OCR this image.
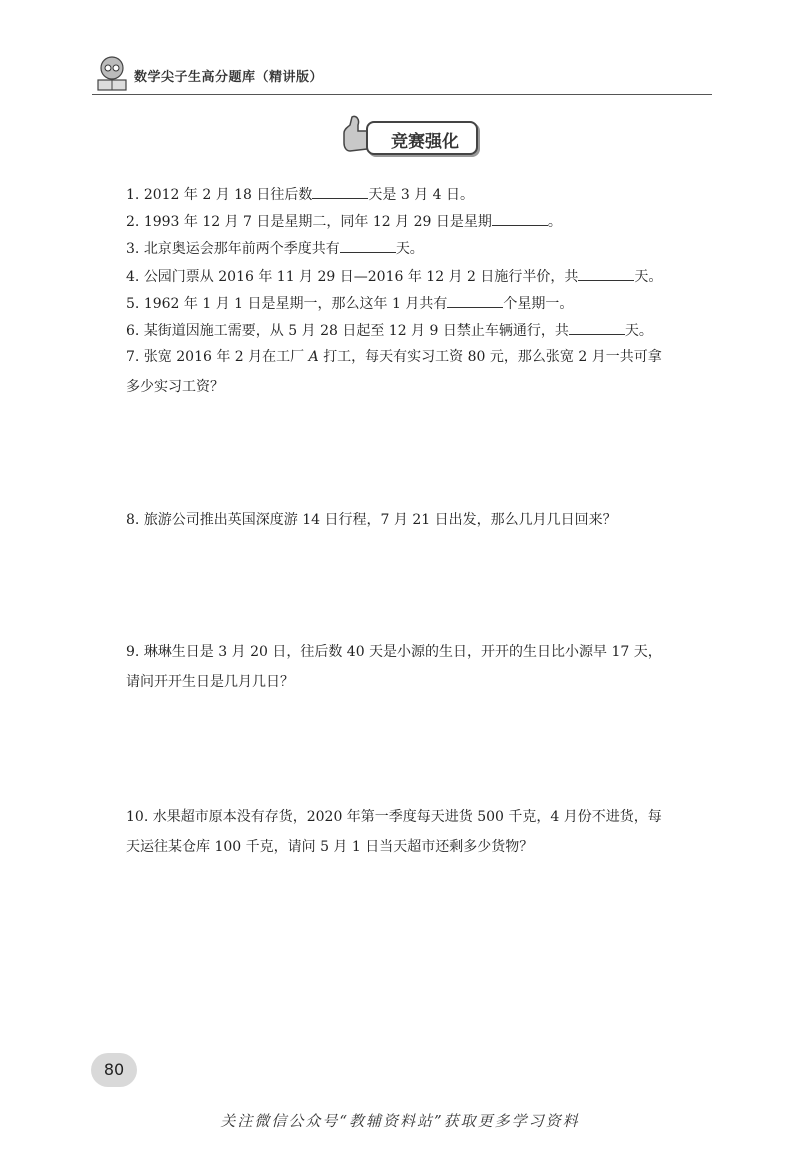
数学尖子生高分题库（精讲版）
竞赛强化
1. 2012 年 2 月 18 日往后数	天是 3 月 4 日。
2. 1993 年 12 月 7 日是星期二，同年 12 月 29 日是星期	。
3. 北京奥运会那年前两个季度共有	天。
4. 公园门票从 2016 年 11 月 29 日—2016 年 12 月 2 日施行半价，共	天。
5. 1962 年 1 月 1 日是星期一，那么这年 1 月共有	个星期一。
6. 某街道因施工需要，从 5 月 28 日起至 12 月 9 日禁止车辆通行，共	天。
7. 张宽 2016 年 2 月在工厂 A 打工，每天有实习工资 80 元，那么张宽 2 月一共可拿多少实习工资？
8. 旅游公司推出英国深度游 14 日行程，7 月 21 日出发，那么几月几日回来？
9. 琳琳生日是 3 月 20 日，往后数 40 天是小源的生日，开开的生日比小源早 17 天，请问开开生日是几月几日？
10. 水果超市原本没有存货，2020 年第一季度每天进货 500 千克，4 月份不进货，每天运往某仓库 100 千克，请问 5 月 1 日当天超市还剩多少货物？
80
关注微信公众号“教辅资料站”获取更多学习资料
